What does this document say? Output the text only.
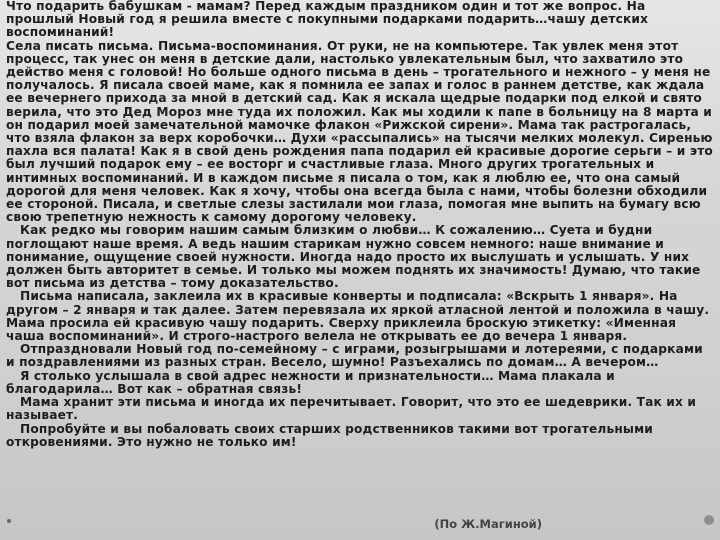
Что подарить бабушкам - мамам? Перед каждым праздником один и тот же вопрос. На прошлый Новый год я решила вместе с покупными подарками подарить…чашу детских воспоминаний!

Села писать письма. Письма-воспоминания. От руки, не на компьютере. Так увлек меня этот процесс, так унес он меня в детские дали, настолько увлекательным был, что захватило это действо меня с головой! Но больше одного письма в день – трогательного и нежного – у меня не получалось. Я писала своей маме, как я помнила ее запах и голос в раннем детстве, как ждала ее вечернего прихода за мной в детский сад. Как я искала щедрые подарки под елкой и свято верила, что это Дед Мороз мне туда их положил. Как мы ходили к папе в больницу на 8 марта и он подарил моей замечательной мамочке флакон «Рижской сирени». Мама так растрогалась, что взяла флакон за верх коробочки… Духи «рассыпались» на тысячи мелких молекул. Сиренью пахла вся палата! Как я в свой день рождения папа подарил ей красивые дорогие серьги – и это был лучший подарок ему – ее восторг и счастливые глаза. Много других трогательных и интимных воспоминаний. И в каждом письме я писала о том, как я люблю ее, что она самый дорогой для меня человек. Как я хочу, чтобы она всегда была с нами, чтобы болезни обходили ее стороной. Писала, и светлые слезы застилали мои глаза, помогая мне выпить на бумагу всю свою трепетную нежность к самому дорогому человеку.

Как редко мы говорим нашим самым близким о любви… К сожалению… Суета и будни поглощают наше время. А ведь нашим старикам нужно совсем немного: наше внимание и понимание, ощущение своей нужности. Иногда надо просто их выслушать и услышать. У них должен быть авторитет в семье. И только мы можем поднять их значимость! Думаю, что такие вот письма из детства – тому доказательство.

Письма написала, заклеила их в красивые конверты и подписала: «Вскрыть 1 января». На другом – 2 января и так далее. Затем перевязала их яркой атласной лентой и положила в чашу. Мама просила ей красивую чашу подарить. Сверху приклеила броскую этикетку: «Именная чаша воспоминаний». И строго-настрого велела не открывать ее до вечера 1 января.

Отпраздновали Новый год по-семейному – с играми, розыгрышами и лотереями, с подарками и поздравлениями из разных стран. Весело, шумно! Разъехались по домам… А вечером…

Я столько услышала в свой адрес нежности и признательности… Мама плакала и благодарила… Вот как – обратная связь!

Мама хранит эти письма и иногда их перечитывает. Говорит, что это ее шедеврики. Так их и называет.

Попробуйте и вы побаловать своих старших родственников такими вот трогательными откровениями. Это нужно не только им!

(По Ж.Магиной)
